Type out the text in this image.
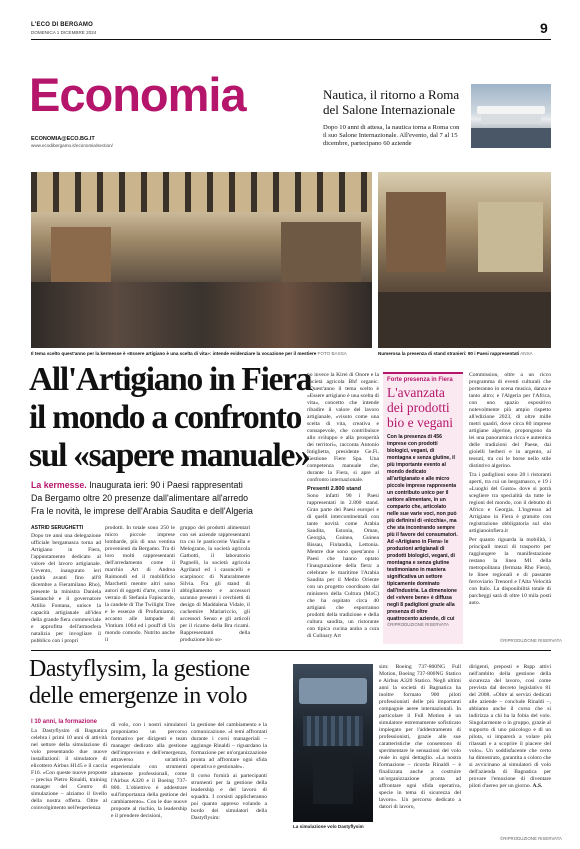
L'ECO DI BERGAMO
DOMENICA 1 DICEMBRE 2024	9
Economia
ECONOMIA@ECO.BG.IT
www.ecodibergamo.it/economia/section/
Nautica, il ritorno a Roma del Salone Internazionale
Dopo 10 anni di attesa, la nautica torna a Roma con il suo Salone Internazionale. All'evento, dal 7 al 15 dicembre, partecipano 60 aziende
Il tema scelto quest'anno per la kermesse è «Essere artigiano è una scelta di vita»: intende evidenziare la vocazione per il mestiere FOTO BASSA	Numerosa la presenza di stand stranieri: 90 i Paesi rappresentati ANSA
All'Artigiano in Fiera
il mondo a confronto
sul «sapere manuale»
La kermesse. Inaugurata ieri: 90 i Paesi rappresentati
Da Bergamo oltre 20 presenze dall'alimentare all'arredo
Fra le novità, le imprese dell'Arabia Saudita e dell'Algeria
ASTRID SERUGHETTI
Dopo tre anni una delegazione ufficiale bergamasca torna ad Artigiano in Fiera, l'appuntamento dedicato al valore del lavoro artigianale. L'evento, inaugurato ieri (andrà avanti fino all'8 dicembre a Fieramilano Rho), presente la ministra Daniela Santanchè e il governatore Attilio Fontana, unisce la capacità artigianale all'idea della grande fiera commerciale e approfitta dell'atmosfera natalizia per invogliare il pubblico con i propri
prodotti. In totale sono 250 le micro piccole imprese lombarde, più di una ventina provenienti da Bergamo. Tra di loro molti rappresentanti dell'arredamento come il marchio Art di Andrea Raimondi ed il mobilificio Marchetti mentre altri sono autori di oggetti d'arte, come il vetraio di Stefania Fapiscardo, la candele di The Twilight Tree e le essenze di Profumiamo, accanto alle lampade di Vintium 1064 ed i pouff di Un mondo comodo. Nutrito anche il
gruppo dei prodotti alimentari con sei aziende rappresentanti tra cui le pasticcerie Vanilla e Melograno, la società agricola Gatbotti, il laboratorio Pagnelli, la società agricola Agriland ed i casoncelli e scarpinocc di Naturalmente Silvia. Fra gli stand di abbigliamento e accessori saranno presenti i cerchietti di design di Maddalena Vidale, il cachemire Mariariccio, gli accessori Senso e gli articoli per il ricamo della Bra ricami. Rappresentanti della produzione bio so-
no invece la Kirei di Onore e la società agricola Bhf organic. «Quest'anno il tema scelto è «Essere artigiano è una scelta di vita», concetto che intende ribadire il valore del lavoro artigianale, «visuto come una scelta di vita, creativa e consapevole, che contribuisce allo sviluppo e alla prosperità dei territori», racconta Antonio Intiglietta, presidente Ge.Fi. Gestione Fiere Spa. Una competenza manuale che, durante la Fiera, si apre al confronto internazionale.
Presenti 2.800 stand
Sono infatti 90 i Paesi rappresentati in 2.800 stand. Gran parte dei Paesi europei e di quelli intercontinentali con tante novità come Arabia Saudita, Estonia, Oman, Georgia, Guinea, Guinea Bissau, Finlandia, Lettonia. Mentre due sono quest'anno i Paesi che hanno optato l'inaugurazione della fiera: a celebrare le maritime l'Arabia Saudita per il Medio Oriente con un progetto coordinato dal ministero della Cultura (MoC) che ha ospitato circa 40 artigiani che esporranno prodotti della tradizione e della cultura saudita, un ristorante con tipica cucina araba a cura di Culinary Art
Forte presenza in Fiera
L'avanzata dei prodotti bio e vegani
Con la presenza di 456 imprese con prodotti biologici, vegani, di montagna e senza glutine, il più importante evento al mondo dedicato all'artigianato e alle micro piccole imprese rappresenta un contributo unico per il settore alimentare, in un comparto che, articolato nelle sue varie voci, non può più definirsi di «nicchia», ma che sta incontrando sempre più il favore dei consumatori. Ad «Artigiano in Fiera» le produzioni artigianali di prodotti biologici, vegani, di montagna e senza glutine testimoniano in maniera significativa un settore tipicamente dominato dall'industria. La dimensione del «vivere bene» è diffusa negli 8 padiglioni grazie alla presenza di oltre quattrocento aziende, di cui
©RIPRODUZIONE RISERVATA
Commission, oltre a un ricco programma di eventi culturali che porteranno in scena musica, danza e tanto altro; e l'Algeria per l'Africa, con uno spazio espositivo notevolmente più ampio rispetto all'edizione 2023, di oltre mille metri quadri, dove circa 80 imprese artigiane algerine, propongono da lei una panoramica ricca e autentica delle tradizioni del Paese, dai gioielli berberi e in argento, ai tessuti, tra cui le borse nello stile distintivo algerino.
Tra i padiglioni sono 28 i ristoranti aperti, tra cui un bergamasco, e 19 i «Luoghi del Gusto» dove si potrà scegliere tra specialità da tutte le regioni del mondo, con il debutto di Africo e Georgia. L'ingresso ad Artigiano in Fiera è gratuito con registrazione obbligatoria sul sito artigianoinfiera.it
Per quanto riguarda la mobilità, i principali mezzi di trasporto per raggiungere la manifestazione restano la linea M1 della metropolitana (fermata Rho Fiera), le linee regionali e di passante ferroviario Trenord e l'Alta Velocità con Italo. La disponibilità totale di parcheggi sarà di oltre 10 mila posti auto.
©RIPRODUZIONE RISERVATA
Dastyflysim, la gestione
delle emergenze in volo
I 10 anni, la formazione
La Dastyflysim di Bagnatica celebra i primi 10 anni di attività nel settore della simulazione di volo presentando due nuove installazioni: il simulatore di elicottero Airbus H145 e il caccia F16. «Con queste nuove proposte – precisa Pietro Rinaldi, training manager del Centro di simulazione – alziamo il livello della nostra offerta. Oltre al coinvolgimento nell'esperienza
di volo, con i nostri simulatori proponiamo un percorso formativo per dirigenti e team manager dedicato alla gestione dell'imprevisto e dell'emergenza, attraverso un'attività esperienziale con strumenti altamente professionali, come l'Airbus A320 e il Boeing 737-800. L'obiettivo è addestrare sull'importanza della gestione del cambiamento». Con le due nuove proposte al rischio, la leadership e il prendere decisioni,
la gestione del cambiamento e la comunicazione. «I temi affrontati durante i corsi manageriali – aggiunge Rinaldi – riguardano la formazione per un'organizzazione pronta ad affrontare ogni sfida operativa e gestionale».
Il corso fornirà ai partecipanti strumenti per la gestione della leadership e del lavoro di squadra. I corsisti applicheranno poi quanto appreso volando a bordo dei simulatori della Dastyflysim:
La simulazione volo Dastyflysim
sim: Boeing 737-800NG Full Motion, Boeing 737-800NG Statico e Airbus A320 Statico. Negli ultimi anni la società di Bagnatica ha inoltre formato 900 piloti professionisti delle più importanti compagnie aeree internazionali. In particolare il Full Motion è un simulatore estremamente sofisticato impiegato per l'addestramento di professionisti, grazie alle sue caratteristiche che consentono di sperimentare le sensazioni del volo reale in ogni dettaglio. «La nostra formazione – ricorda Rinaldi – è finalizzata anche a costruire un'organizzazione pronta ad affrontare ogni sfida operativa, specie in tema di sicurezza del lavoro». Un percorso dedicato a datori di lavoro,
dirigenti, preposti e Rspp attivi nell'ambito della gestione della sicurezza del lavoro, così come prevista dal decreto legislativo 81 del 2008. «Oltre ai servizi dedicati alle aziende – conclude Rinaldi –, abbiamo anche il corso che si indirizza a chi ha la fobia del volo. Singolarmente o in gruppo, grazie al supporto di uno psicologo e di un pilota, si imparerà a volare più rilassati e a scoprire il piacere del volo». Un soddisfacente che certo ha dimostrato, garantita a coloro che si avvicinano ai simulatori di volo dell'azienda di Bagnatica per provare l'emozione di diventare piloti d'aereo per un giorno. A.S.
©RIPRODUZIONE RISERVATA
